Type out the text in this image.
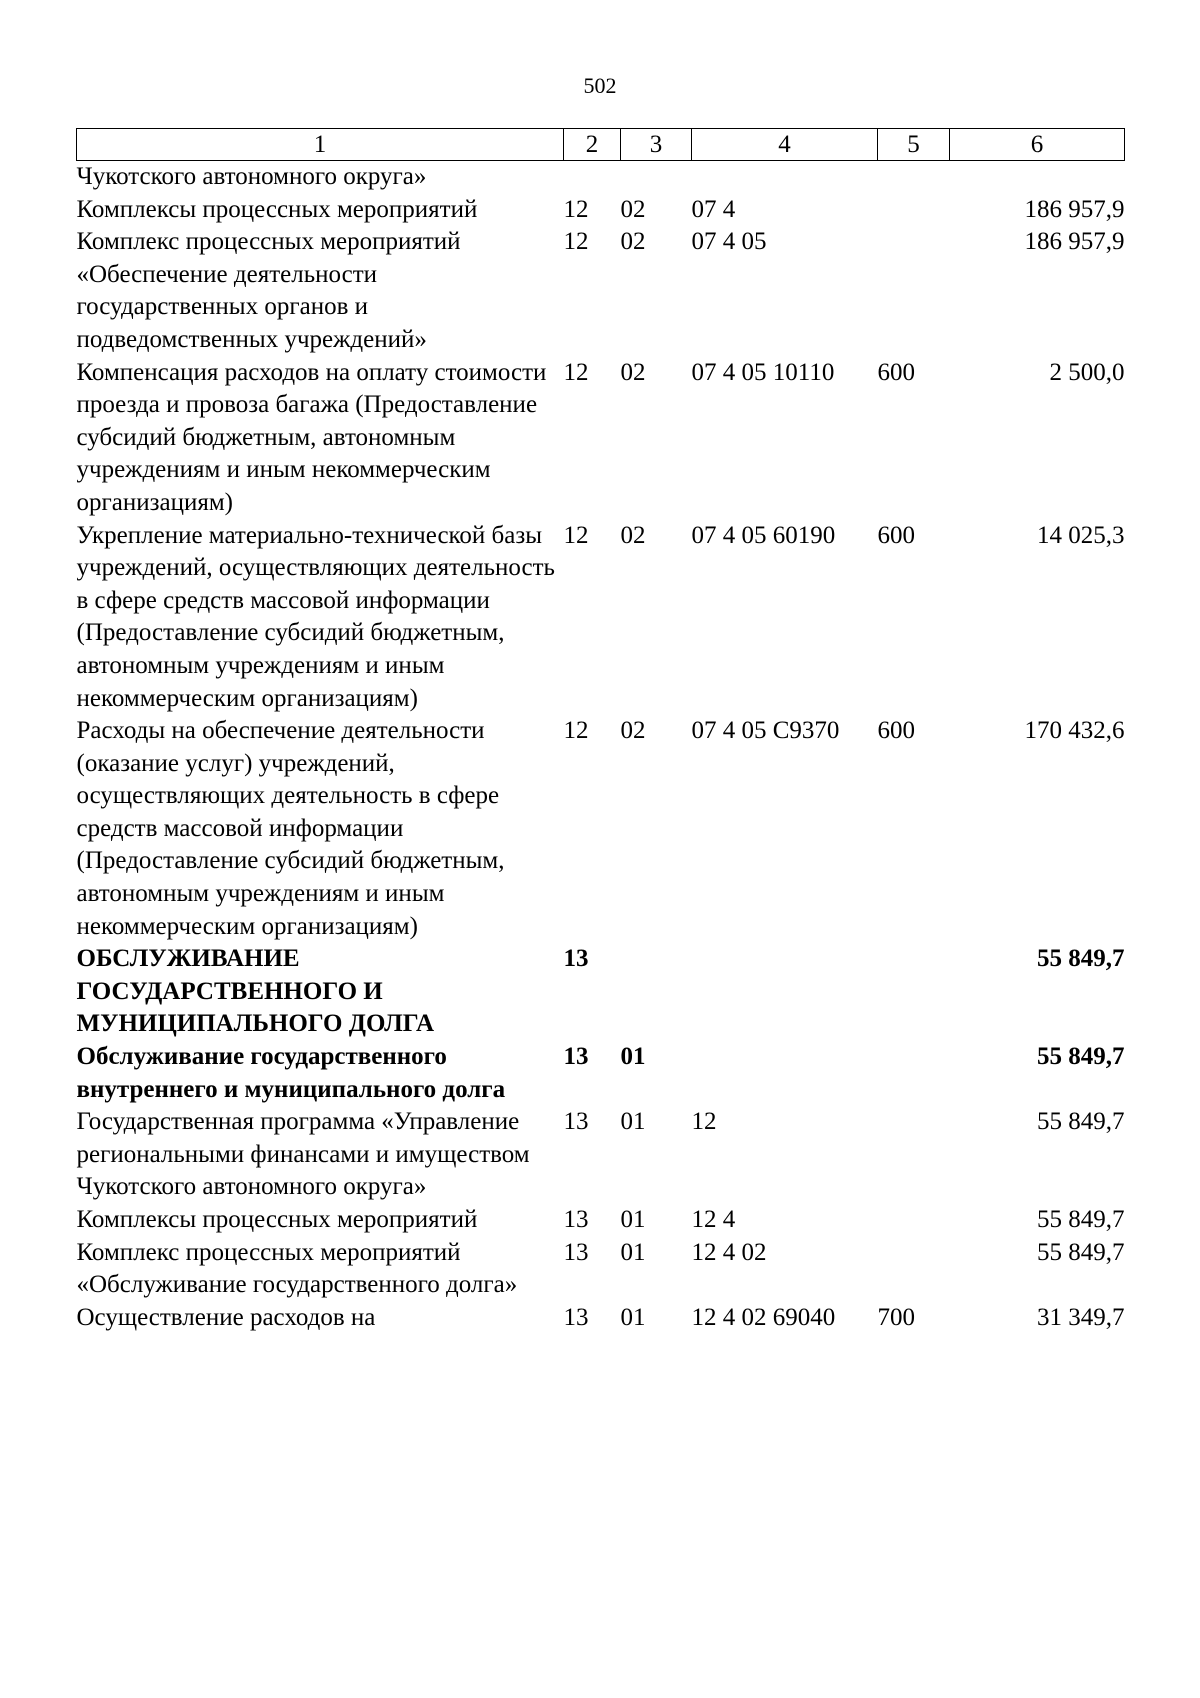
502
1	2	3	4	5	6
Чукотского автономного округа»					
Комплексы процессных мероприятий	12	02	07 4		186 957,9
Комплекс процессных мероприятий «Обеспечение деятельности государственных органов и подведомственных учреждений»	12	02	07 4 05		186 957,9
Компенсация расходов на оплату стоимости проезда и провоза багажа (Предоставление субсидий бюджетным, автономным учреждениям и иным некоммерческим организациям)	12	02	07 4 05 10110	600	2 500,0
Укрепление материально-технической базы учреждений, осуществляющих деятельность в сфере средств массовой информации (Предоставление субсидий бюджетным, автономным учреждениям и иным некоммерческим организациям)	12	02	07 4 05 60190	600	14 025,3
Расходы на обеспечение деятельности (оказание услуг) учреждений, осуществляющих деятельность в сфере средств массовой информации (Предоставление субсидий бюджетным, автономным учреждениям и иным некоммерческим организациям)	12	02	07 4 05 С9370	600	170 432,6
ОБСЛУЖИВАНИЕ ГОСУДАРСТВЕННОГО И МУНИЦИПАЛЬНОГО ДОЛГА	13				55 849,7
Обслуживание государственного внутреннего и муниципального долга	13	01			55 849,7
Государственная программа «Управление региональными финансами и имуществом Чукотского автономного округа»	13	01	12		55 849,7
Комплексы процессных мероприятий	13	01	12 4		55 849,7
Комплекс процессных мероприятий «Обслуживание государственного долга»	13	01	12 4 02		55 849,7
Осуществление расходов на	13	01	12 4 02 69040	700	31 349,7
